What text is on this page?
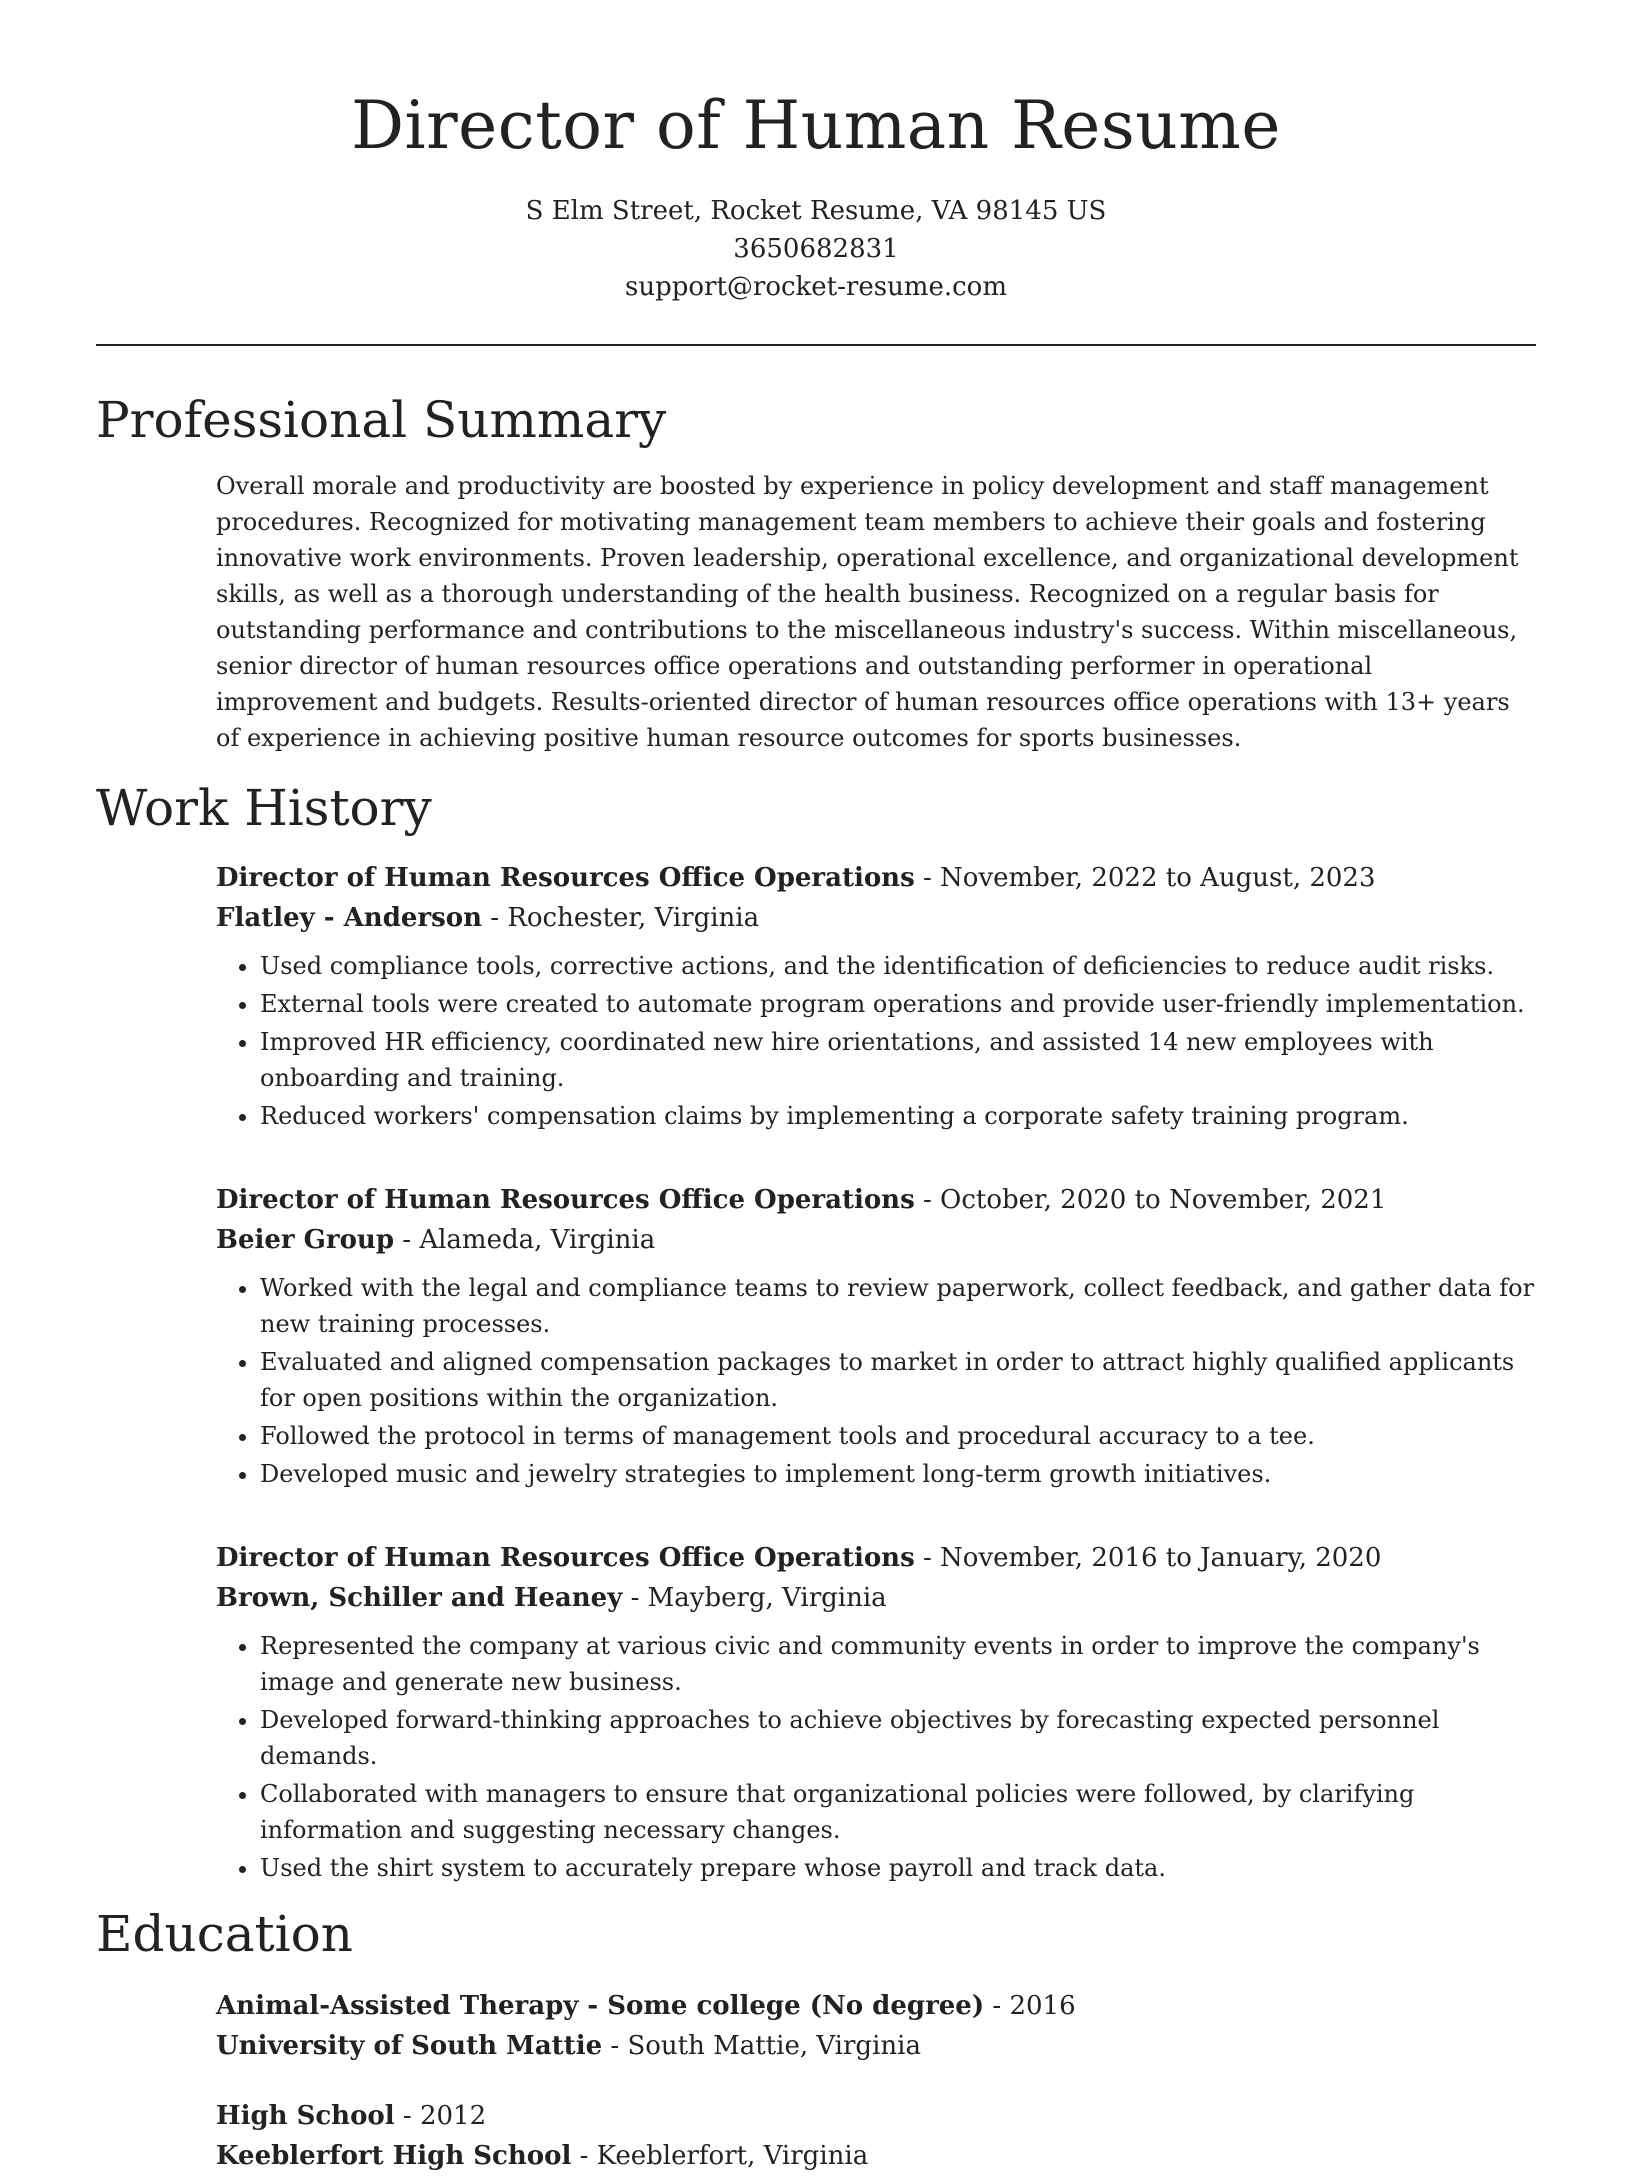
Director of Human Resume
S Elm Street, Rocket Resume, VA 98145 US
3650682831
support@rocket-resume.com
Professional Summary
Overall morale and productivity are boosted by experience in policy development and staff management procedures. Recognized for motivating management team members to achieve their goals and fostering innovative work environments. Proven leadership, operational excellence, and organizational development skills, as well as a thorough understanding of the health business. Recognized on a regular basis for outstanding performance and contributions to the miscellaneous industry's success. Within miscellaneous, senior director of human resources office operations and outstanding performer in operational improvement and budgets. Results-oriented director of human resources office operations with 13+ years of experience in achieving positive human resource outcomes for sports businesses.
Work History
Director of Human Resources Office Operations - November, 2022 to August, 2023
Flatley - Anderson - Rochester, Virginia
• Used compliance tools, corrective actions, and the identification of deficiencies to reduce audit risks.
• External tools were created to automate program operations and provide user-friendly implementation.
• Improved HR efficiency, coordinated new hire orientations, and assisted 14 new employees with onboarding and training.
• Reduced workers' compensation claims by implementing a corporate safety training program.
Director of Human Resources Office Operations - October, 2020 to November, 2021
Beier Group - Alameda, Virginia
• Worked with the legal and compliance teams to review paperwork, collect feedback, and gather data for new training processes.
• Evaluated and aligned compensation packages to market in order to attract highly qualified applicants for open positions within the organization.
• Followed the protocol in terms of management tools and procedural accuracy to a tee.
• Developed music and jewelry strategies to implement long-term growth initiatives.
Director of Human Resources Office Operations - November, 2016 to January, 2020
Brown, Schiller and Heaney - Mayberg, Virginia
• Represented the company at various civic and community events in order to improve the company's image and generate new business.
• Developed forward-thinking approaches to achieve objectives by forecasting expected personnel demands.
• Collaborated with managers to ensure that organizational policies were followed, by clarifying information and suggesting necessary changes.
• Used the shirt system to accurately prepare whose payroll and track data.
Education
Animal-Assisted Therapy - Some college (No degree) - 2016
University of South Mattie - South Mattie, Virginia
High School - 2012
Keeblerfort High School - Keeblerfort, Virginia
